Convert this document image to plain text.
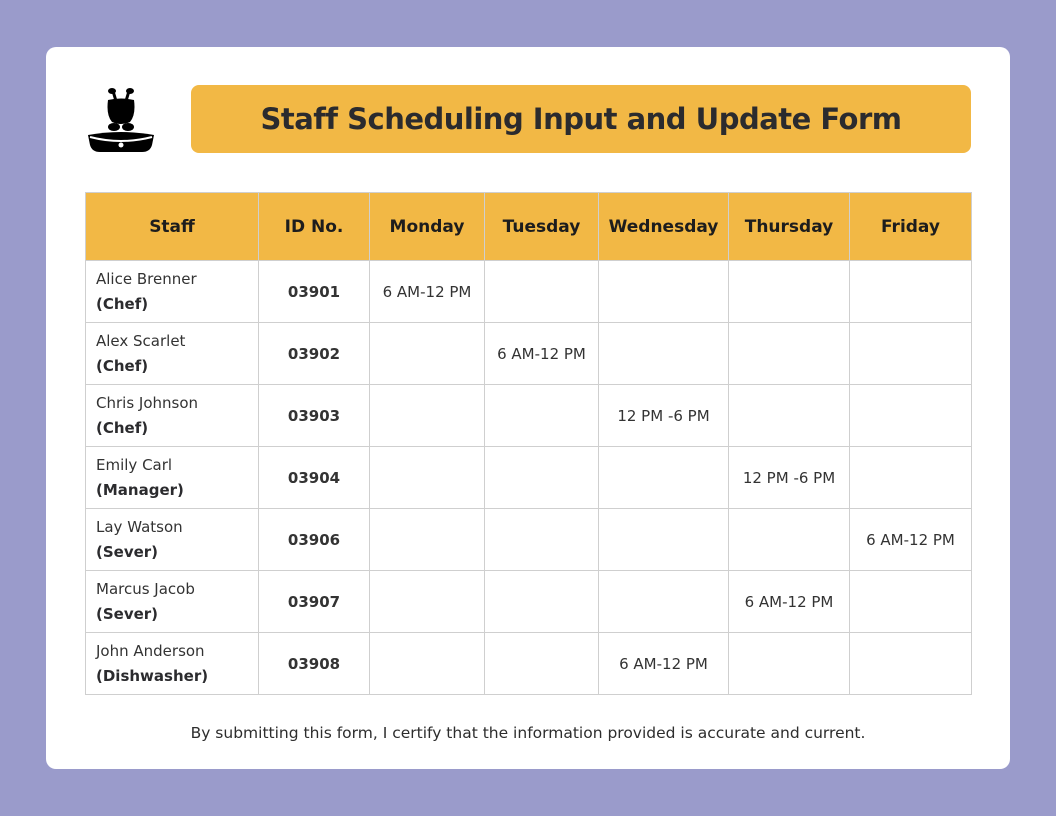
Staff Scheduling Input and Update Form
Staff	ID No.	Monday	Tuesday	Wednesday	Thursday	Friday

Alice Brenner
(Chef)	03901	6 AM-12 PM				

Alex Scarlet
(Chef)	03902		6 AM-12 PM			

Chris Johnson
(Chef)	03903			12 PM -6 PM		

Emily Carl
(Manager)	03904				12 PM -6 PM	

Lay Watson
(Sever)	03906					6 AM-12 PM

Marcus Jacob
(Sever)	03907				6 AM-12 PM	

John Anderson
(Dishwasher)	03908			6 AM-12 PM		
By submitting this form, I certify that the information provided is accurate and current.
